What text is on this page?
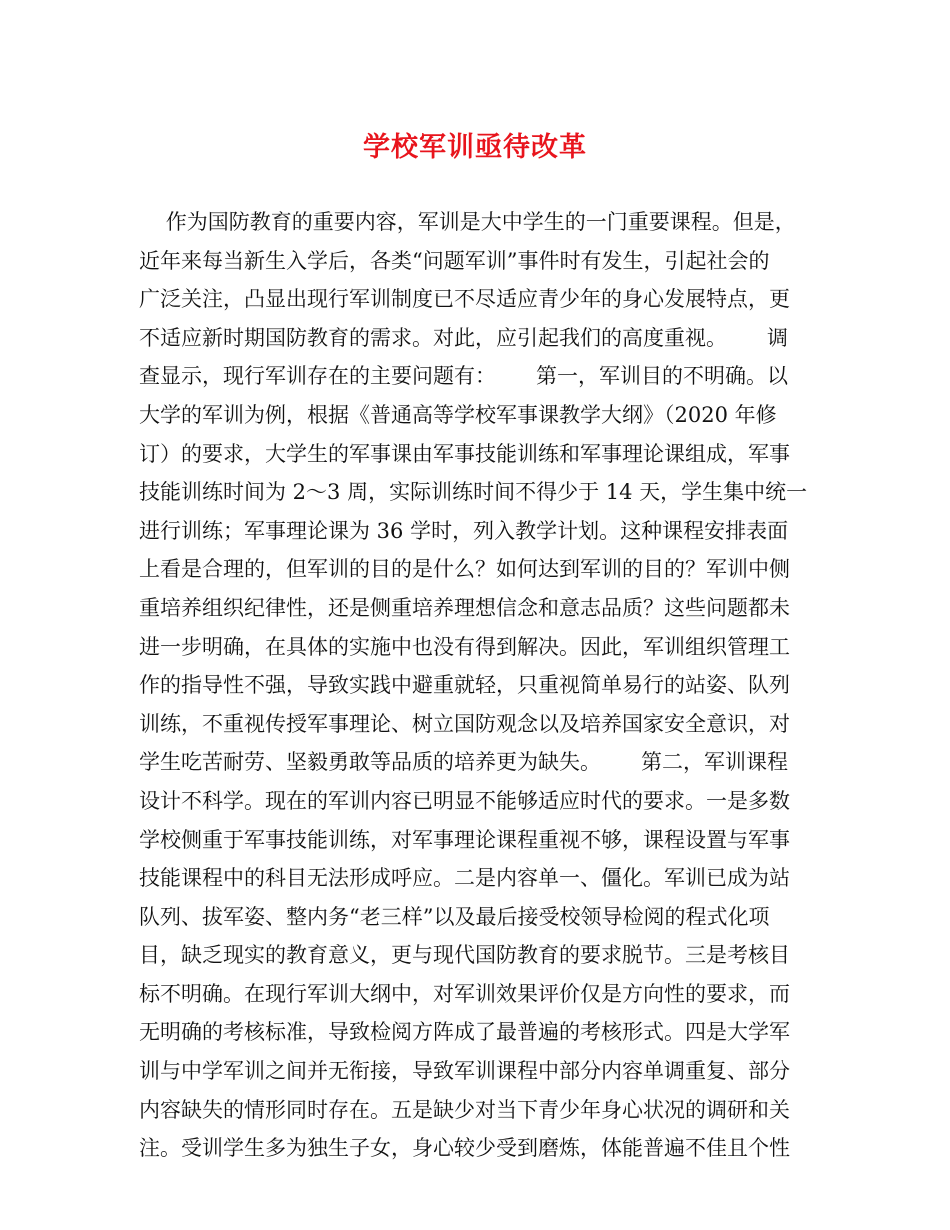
学校军训亟待改革
作为国防教育的重要内容，军训是大中学生的一门重要课程。但是，
近年来每当新生入学后，各类“问题军训”事件时有发生，引起社会的
广泛关注，凸显出现行军训制度已不尽适应青少年的身心发展特点，更
不适应新时期国防教育的需求。对此，应引起我们的高度重视。      调
查显示，现行军训存在的主要问题有：      第一，军训目的不明确。以
大学的军训为例，根据《普通高等学校军事课教学大纲》（2020 年修
订）的要求，大学生的军事课由军事技能训练和军事理论课组成，军事
技能训练时间为 2～3 周，实际训练时间不得少于 14 天，学生集中统一
进行训练；军事理论课为 36 学时，列入教学计划。这种课程安排表面
上看是合理的，但军训的目的是什么？如何达到军训的目的？军训中侧
重培养组织纪律性，还是侧重培养理想信念和意志品质？这些问题都未
进一步明确，在具体的实施中也没有得到解决。因此，军训组织管理工
作的指导性不强，导致实践中避重就轻，只重视简单易行的站姿、队列
训练，不重视传授军事理论、树立国防观念以及培养国家安全意识，对
学生吃苦耐劳、坚毅勇敢等品质的培养更为缺失。      第二，军训课程
设计不科学。现在的军训内容已明显不能够适应时代的要求。一是多数
学校侧重于军事技能训练，对军事理论课程重视不够，课程设置与军事
技能课程中的科目无法形成呼应。二是内容单一、僵化。军训已成为站
队列、拔军姿、整内务“老三样”以及最后接受校领导检阅的程式化项
目，缺乏现实的教育意义，更与现代国防教育的要求脱节。三是考核目
标不明确。在现行军训大纲中，对军训效果评价仅是方向性的要求，而
无明确的考核标准，导致检阅方阵成了最普遍的考核形式。四是大学军
训与中学军训之间并无衔接，导致军训课程中部分内容单调重复、部分
内容缺失的情形同时存在。五是缺少对当下青少年身心状况的调研和关
注。受训学生多为独生子女，身心较少受到磨炼，体能普遍不佳且个性
